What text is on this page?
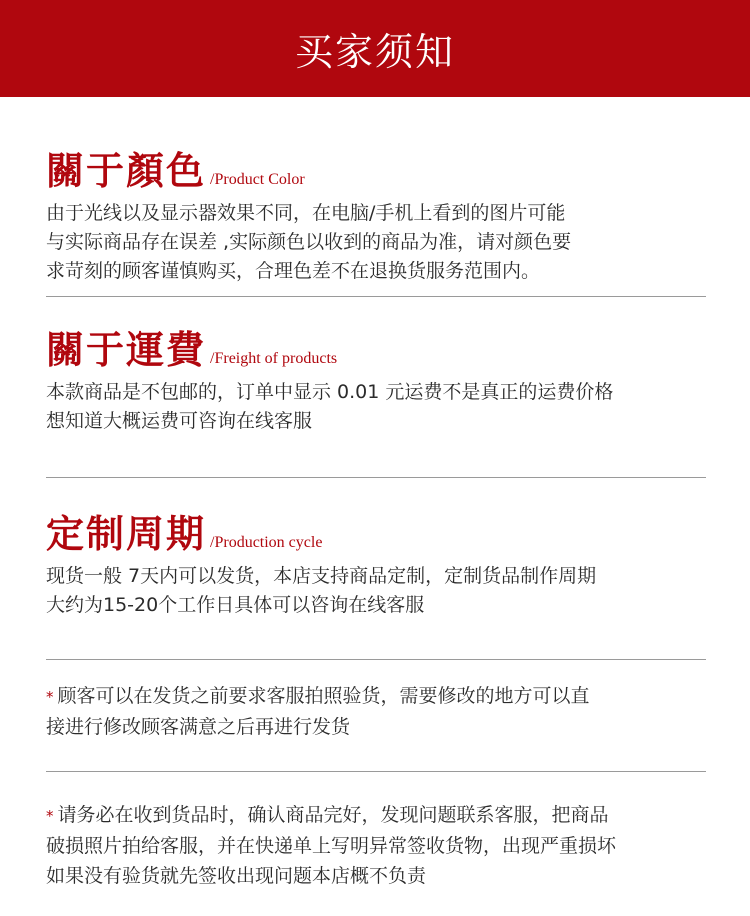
买家须知
關于顏色 /Product Color
由于光线以及显示器效果不同，在电脑/手机上看到的图片可能
与实际商品存在误差 ,实际颜色以收到的商品为准，请对颜色要
求苛刻的顾客谨慎购买，合理色差不在退换货服务范围内。
關于運費 /Freight of products
本款商品是不包邮的，订单中显示 0.01 元运费不是真正的运费价格
想知道大概运费可咨询在线客服
定制周期 /Production cycle
现货一般 7天内可以发货，本店支持商品定制，定制货品制作周期
大约为15-20个工作日具体可以咨询在线客服
* 顾客可以在发货之前要求客服拍照验货，需要修改的地方可以直
接进行修改顾客满意之后再进行发货
* 请务必在收到货品时，确认商品完好，发现问题联系客服，把商品
破损照片拍给客服，并在快递单上写明异常签收货物，出现严重损坏
如果没有验货就先签收出现问题本店概不负责
